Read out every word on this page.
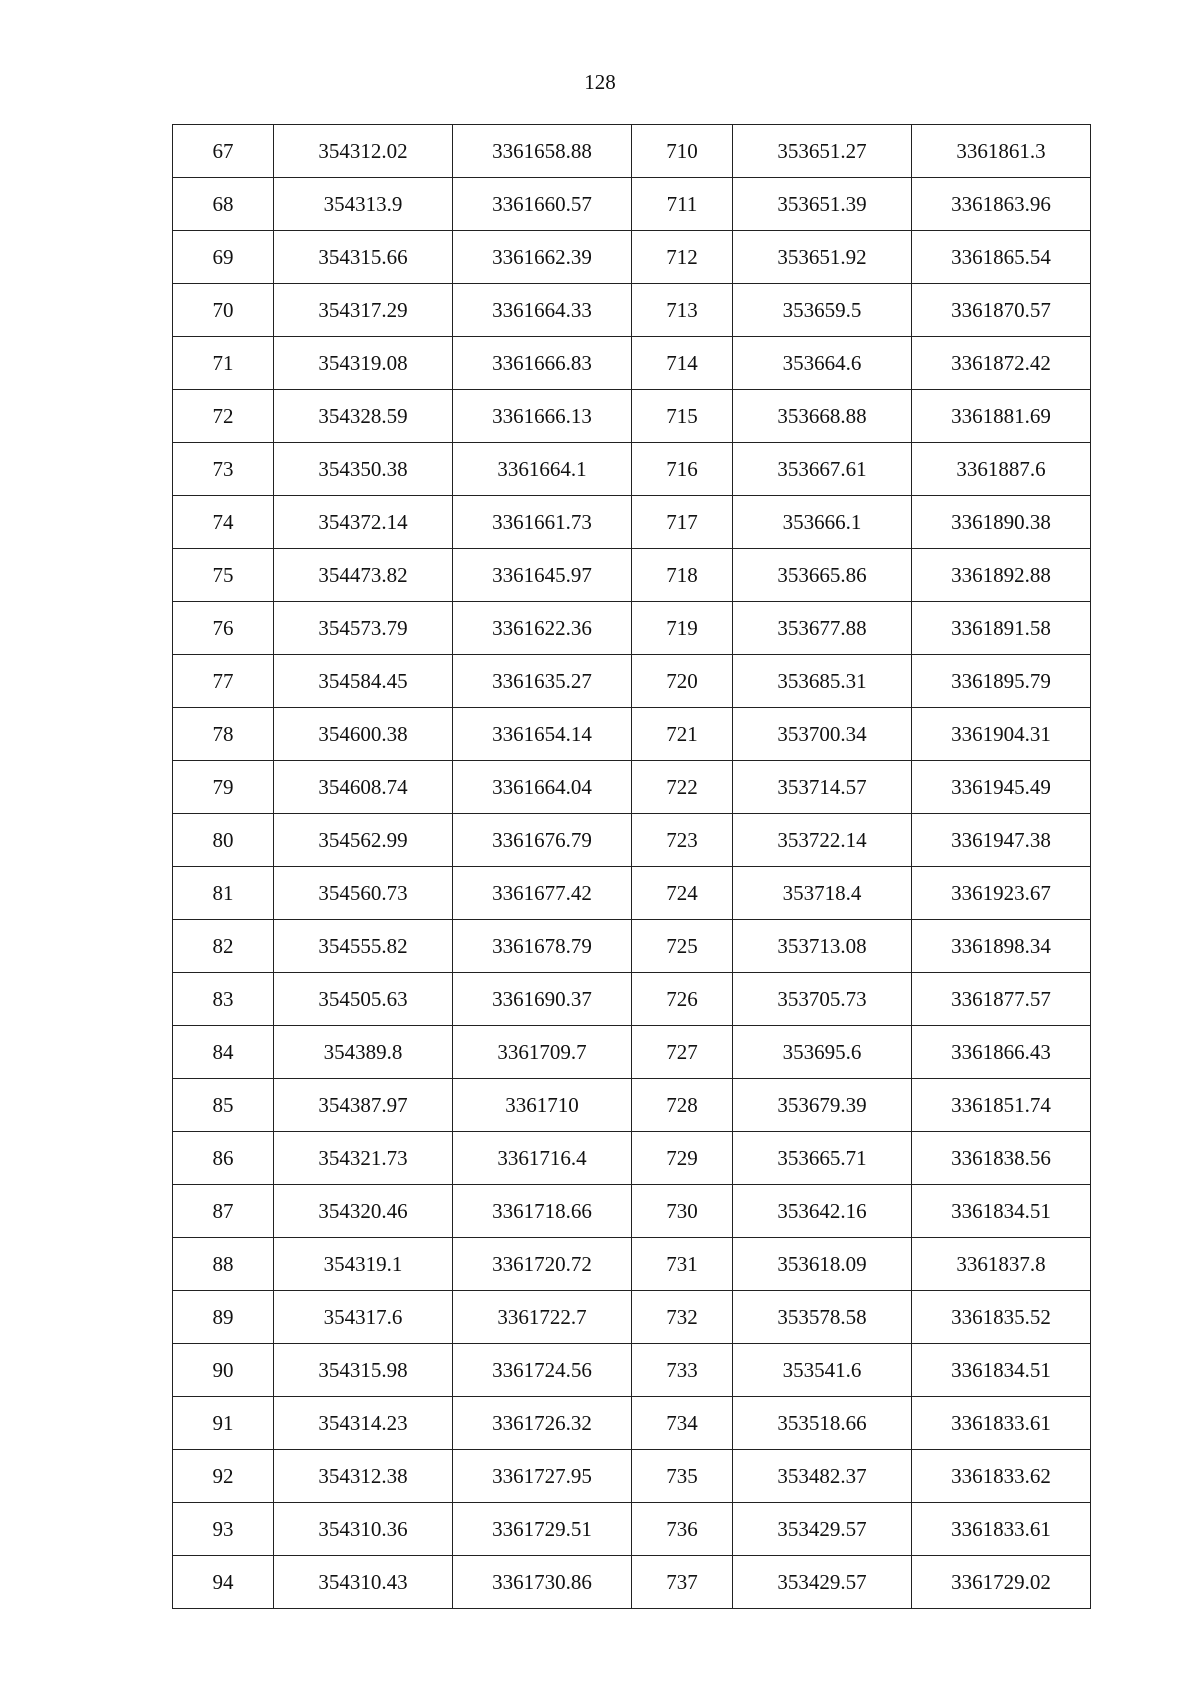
128
67	354312.02	3361658.88	710	353651.27	3361861.3
68	354313.9	3361660.57	711	353651.39	3361863.96
69	354315.66	3361662.39	712	353651.92	3361865.54
70	354317.29	3361664.33	713	353659.5	3361870.57
71	354319.08	3361666.83	714	353664.6	3361872.42
72	354328.59	3361666.13	715	353668.88	3361881.69
73	354350.38	3361664.1	716	353667.61	3361887.6
74	354372.14	3361661.73	717	353666.1	3361890.38
75	354473.82	3361645.97	718	353665.86	3361892.88
76	354573.79	3361622.36	719	353677.88	3361891.58
77	354584.45	3361635.27	720	353685.31	3361895.79
78	354600.38	3361654.14	721	353700.34	3361904.31
79	354608.74	3361664.04	722	353714.57	3361945.49
80	354562.99	3361676.79	723	353722.14	3361947.38
81	354560.73	3361677.42	724	353718.4	3361923.67
82	354555.82	3361678.79	725	353713.08	3361898.34
83	354505.63	3361690.37	726	353705.73	3361877.57
84	354389.8	3361709.7	727	353695.6	3361866.43
85	354387.97	3361710	728	353679.39	3361851.74
86	354321.73	3361716.4	729	353665.71	3361838.56
87	354320.46	3361718.66	730	353642.16	3361834.51
88	354319.1	3361720.72	731	353618.09	3361837.8
89	354317.6	3361722.7	732	353578.58	3361835.52
90	354315.98	3361724.56	733	353541.6	3361834.51
91	354314.23	3361726.32	734	353518.66	3361833.61
92	354312.38	3361727.95	735	353482.37	3361833.62
93	354310.36	3361729.51	736	353429.57	3361833.61
94	354310.43	3361730.86	737	353429.57	3361729.02
